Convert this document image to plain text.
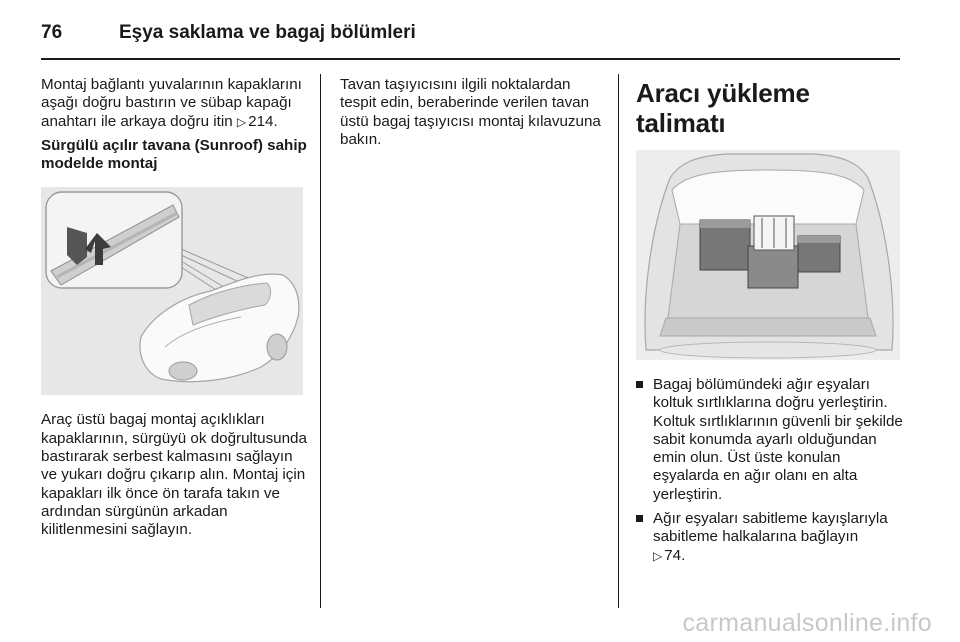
76	Eşya saklama ve bagaj bölümleri

Montaj bağlantı yuvalarının kapaklarını aşağı doğru bastırın ve sübap kapağı anahtarı ile arkaya doğru itin ▷ 214.

Sürgülü açılır tavana (Sunroof) sahip modelde montaj

Araç üstü bagaj montaj açıklıkları kapaklarının, sürgüyü ok doğrultusunda bastırarak serbest kalmasını sağlayın ve yukarı doğru çıkarıp alın. Montaj için kapakları ilk önce ön tarafa takın ve ardından sürgünün arkadan kilitlenmesini sağlayın.

Tavan taşıyıcısını ilgili noktalardan tespit edin, beraberinde verilen tavan üstü bagaj taşıyıcısı montaj kılavuzuna bakın.

Aracı yükleme talimatı

Bagaj bölümündeki ağır eşyaları koltuk sırtlıklarına doğru yerleştirin. Koltuk sırtlıklarının güvenli bir şekilde sabit konumda ayarlı olduğundan emin olun. Üst üste konulan eşyalarda en ağır olanı en alta yerleştirin.
Ağır eşyaları sabitleme kayışlarıyla sabitleme halkalarına bağlayın
▷ 74.
carmanualsonline.info
